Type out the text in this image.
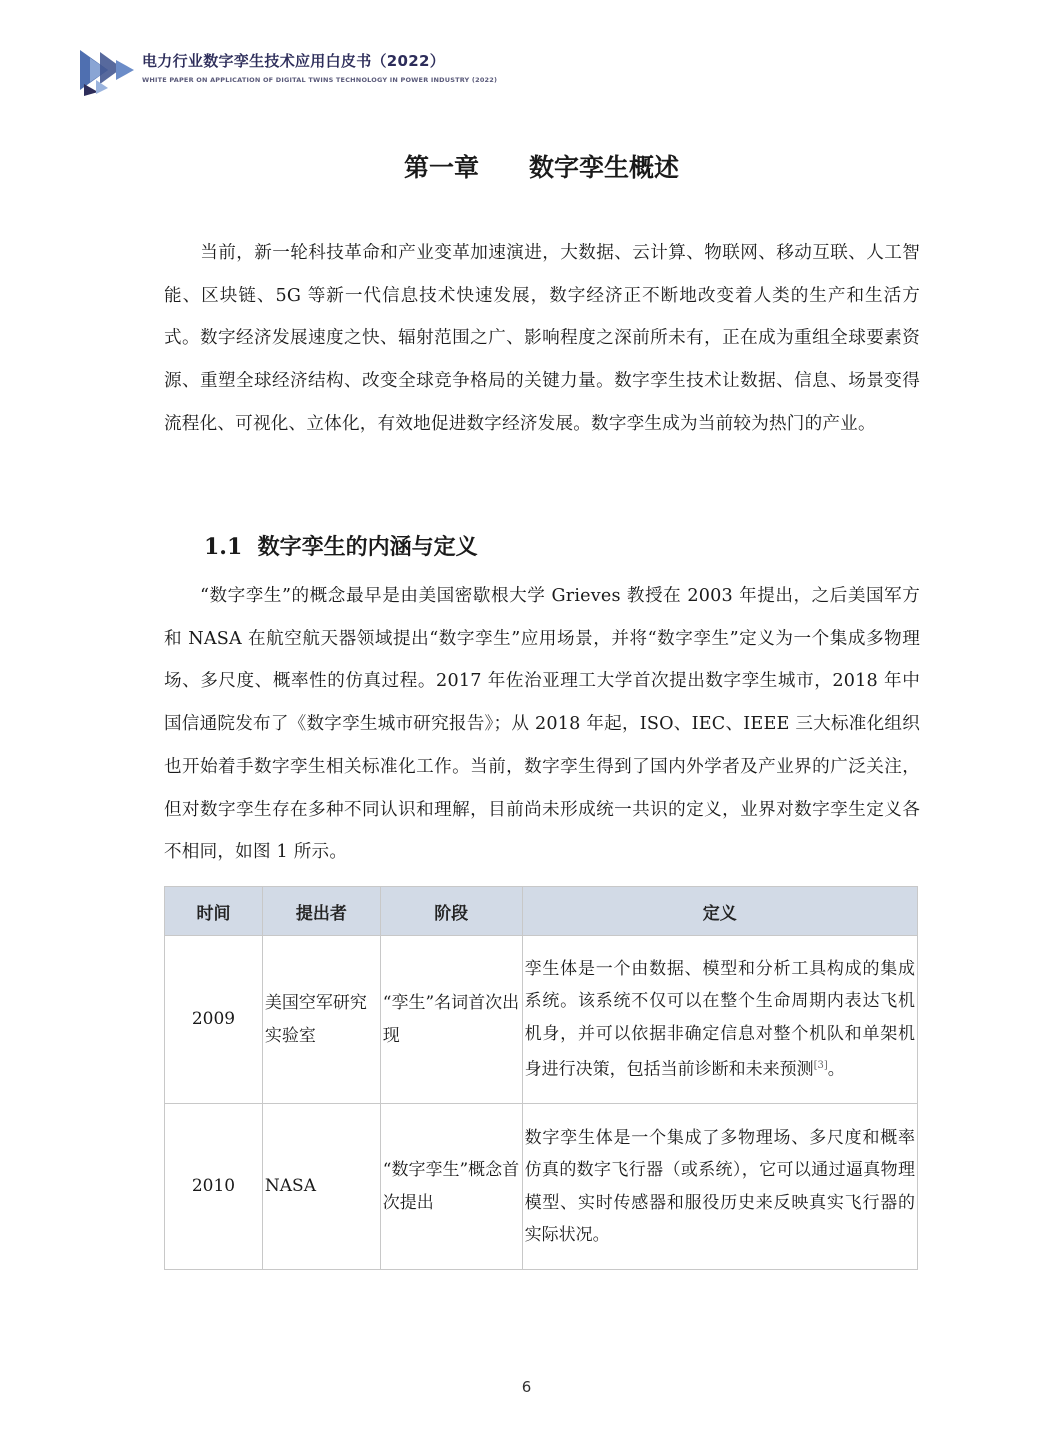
电力行业数字孪生技术应用白皮书（2022）
WHITE PAPER ON APPLICATION OF DIGITAL TWINS TECHNOLOGY IN POWER INDUSTRY (2022)
第一章　　数字孪生概述
当前，新一轮科技革命和产业变革加速演进，大数据、云计算、物联网、移动互联、人工智能、区块链、5G 等新一代信息技术快速发展，数字经济正不断地改变着人类的生产和生活方式。数字经济发展速度之快、辐射范围之广、影响程度之深前所未有，正在成为重组全球要素资源、重塑全球经济结构、改变全球竞争格局的关键力量。数字孪生技术让数据、信息、场景变得流程化、可视化、立体化，有效地促进数字经济发展。数字孪生成为当前较为热门的产业。
1.1 数字孪生的内涵与定义
“数字孪生”的概念最早是由美国密歇根大学 Grieves 教授在 2003 年提出，之后美国军方和 NASA 在航空航天器领域提出“数字孪生”应用场景，并将“数字孪生”定义为一个集成多物理场、多尺度、概率性的仿真过程。2017 年佐治亚理工大学首次提出数字孪生城市，2018 年中国信通院发布了《数字孪生城市研究报告》；从 2018 年起，ISO、IEC、IEEE 三大标准化组织也开始着手数字孪生相关标准化工作。当前，数字孪生得到了国内外学者及产业界的广泛关注，但对数字孪生存在多种不同认识和理解，目前尚未形成统一共识的定义，业界对数字孪生定义各不相同，如图 1 所示。
时间	提出者	阶段	定义
2009	美国空军研究实验室	“孪生”名词首次出现	孪生体是一个由数据、模型和分析工具构成的集成系统。该系统不仅可以在整个生命周期内表达飞机机身，并可以依据非确定信息对整个机队和单架机身进行决策，包括当前诊断和未来预测[3]。
2010	NASA	“数字孪生”概念首次提出	数字孪生体是一个集成了多物理场、多尺度和概率仿真的数字飞行器（或系统），它可以通过逼真物理模型、实时传感器和服役历史来反映真实飞行器的实际状况。
6
